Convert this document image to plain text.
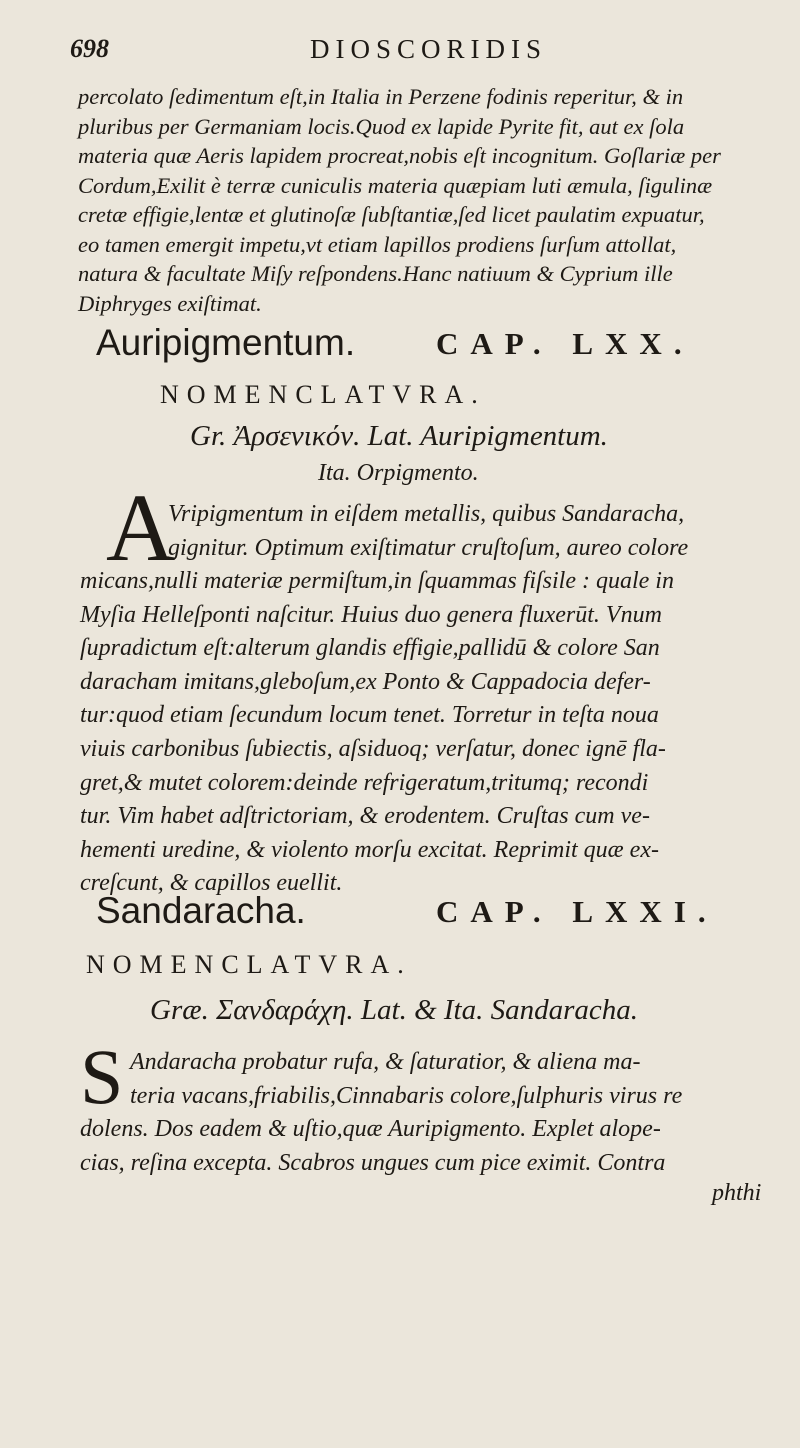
698	DIOSCORIDIS

percolato ſedimentum eſt,in Italia in Perzene fodinis reperitur, & in

pluribus per Germaniam locis.Quod ex lapide Pyrite fit, aut ex ſola

materia quæ Aeris lapidem procreat,nobis eſt incognitum. Goſlariæ per

Cordum,Exilit è terræ cuniculis materia quæpiam luti æmula, ſigulinæ

cretæ effigie,lentæ et glutinoſæ ſubſtantiæ,ſed licet paulatim expuatur,

eo tamen emergit impetu,vt etiam lapillos prodiens ſurſum attollat,

natura & facultate Miſy reſpondens.Hanc natiuum & Cyprium ille

Diphryges exiſtimat.

Auripigmentum.	CAP. LXX.
NOMENCLATVRA.
Gr. Ἀρσενικόν. Lat. Auripigmentum.
Ita. Orpigmento.
A

Vripigmentum in eiſdem metallis, quibus Sandaracha,

gignitur. Optimum exiſtimatur cruſtoſum, aureo colore

micans,nulli materiæ permiſtum,in ſquammas fiſsile : quale in

Myſia Helleſponti naſcitur. Huius duo genera fluxerūt. Vnum

ſupradictum eſt:alterum glandis effigie,pallidū & colore San

daracham imitans,gleboſum,ex Ponto & Cappadocia defer-

tur:quod etiam ſecundum locum tenet. Torretur in teſta noua

viuis carbonibus ſubiectis, aſsiduoq; verſatur, donec ignē fla-

gret,& mutet colorem:deinde refrigeratum,tritumq; recondi

tur. Vim habet adſtrictoriam, & erodentem. Cruſtas cum ve-

hementi uredine, & violento morſu excitat. Reprimit quæ ex-

creſcunt, & capillos euellit.

Sandaracha.	CAP. LXXI.
NOMENCLATVRA.
Græ. Σανδαράχη. Lat. & Ita. Sandaracha.
S Andaracha probatur rufa, & ſaturatior, & aliena ma-

teria vacans,friabilis,Cinnabaris colore,ſulphuris virus re

dolens. Dos eadem & uſtio,quæ Auripigmento. Explet alope-

cias, reſina excepta. Scabros ungues cum pice eximit. Contra

phthi
